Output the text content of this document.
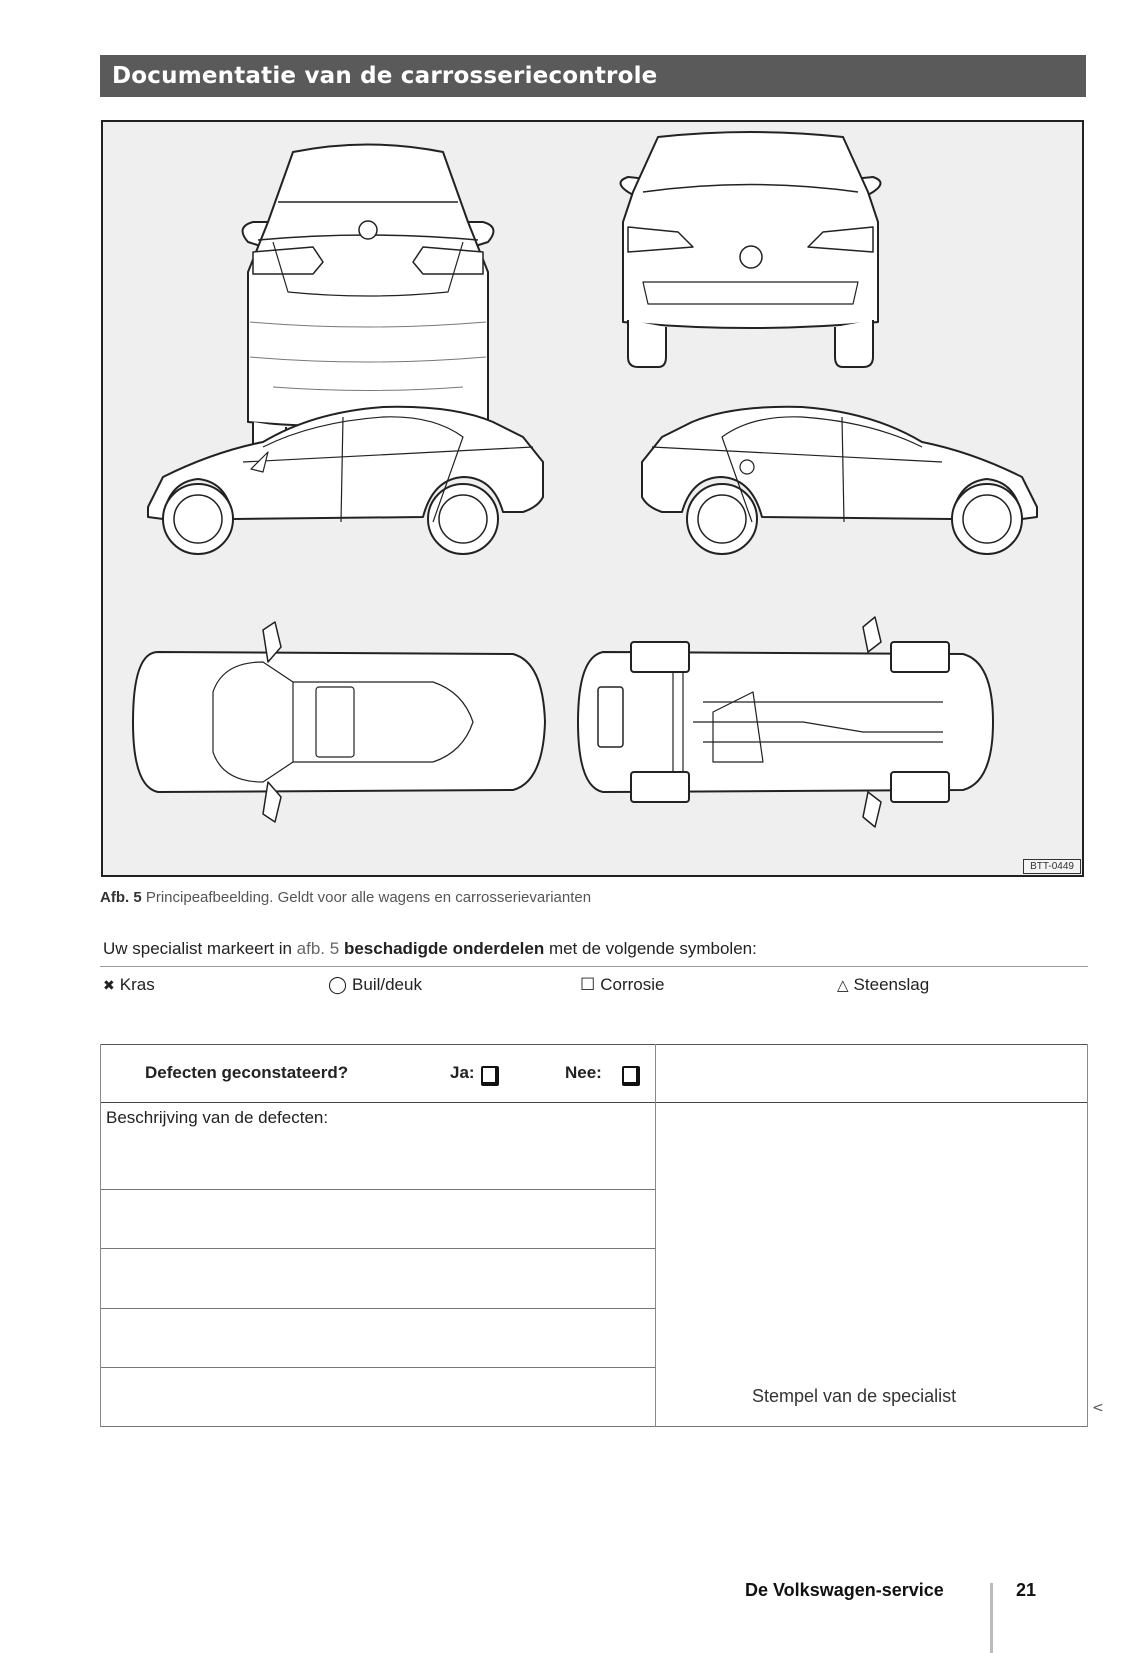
Documentatie van de carrosseriecontrole
BTT-0449
Afb. 5 Principeafbeelding. Geldt voor alle wagens en carrosserievarianten
Uw specialist markeert in afb. 5 beschadigde onderdelen met de volgende symbolen:
✖ Kras	◯ Buil/deuk	☐ Corrosie	△ Steenslag
Defecten geconstateerd?	Ja:	Nee:
Beschrijving van de defecten:
Stempel van de specialist
<
De Volkswagen-service	21
